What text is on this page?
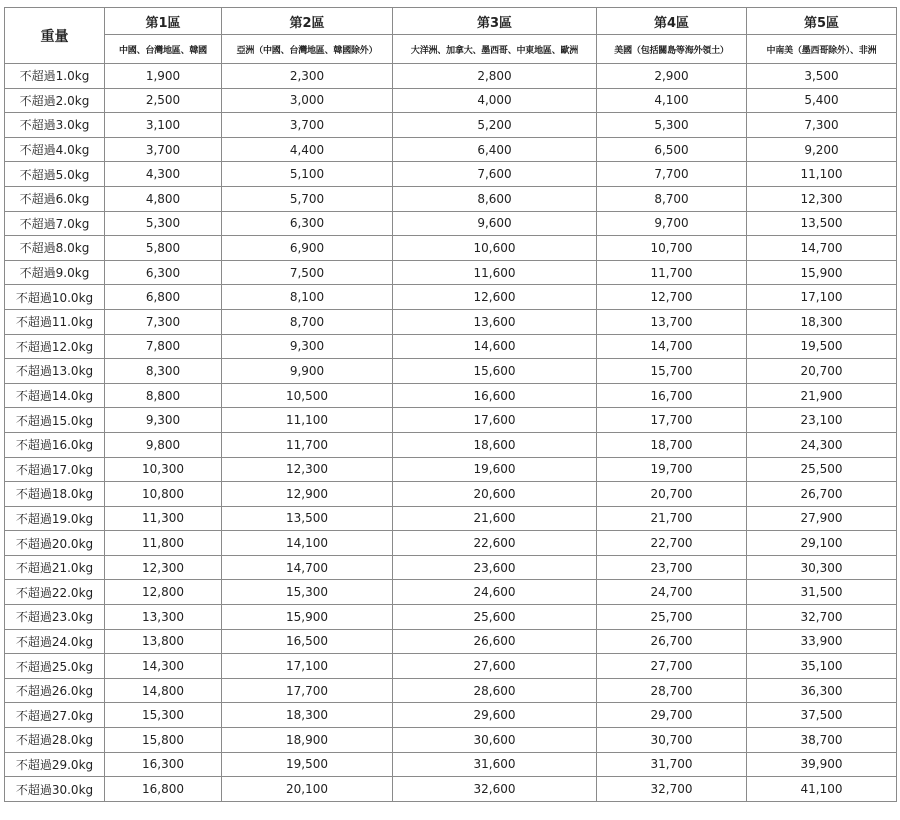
重量	第1區	第2區	第3區	第4區	第5區
	中國、台灣地區、韓國	亞洲（中國、台灣地區、韓國除外）	大洋洲、加拿大、墨西哥、中東地區、歐洲	美國（包括關島等海外領土）	中南美（墨西哥除外）、非洲
不超過1.0kg	1,900	2,300	2,800	2,900	3,500
不超過2.0kg	2,500	3,000	4,000	4,100	5,400
不超過3.0kg	3,100	3,700	5,200	5,300	7,300
不超過4.0kg	3,700	4,400	6,400	6,500	9,200
不超過5.0kg	4,300	5,100	7,600	7,700	11,100
不超過6.0kg	4,800	5,700	8,600	8,700	12,300
不超過7.0kg	5,300	6,300	9,600	9,700	13,500
不超過8.0kg	5,800	6,900	10,600	10,700	14,700
不超過9.0kg	6,300	7,500	11,600	11,700	15,900
不超過10.0kg	6,800	8,100	12,600	12,700	17,100
不超過11.0kg	7,300	8,700	13,600	13,700	18,300
不超過12.0kg	7,800	9,300	14,600	14,700	19,500
不超過13.0kg	8,300	9,900	15,600	15,700	20,700
不超過14.0kg	8,800	10,500	16,600	16,700	21,900
不超過15.0kg	9,300	11,100	17,600	17,700	23,100
不超過16.0kg	9,800	11,700	18,600	18,700	24,300
不超過17.0kg	10,300	12,300	19,600	19,700	25,500
不超過18.0kg	10,800	12,900	20,600	20,700	26,700
不超過19.0kg	11,300	13,500	21,600	21,700	27,900
不超過20.0kg	11,800	14,100	22,600	22,700	29,100
不超過21.0kg	12,300	14,700	23,600	23,700	30,300
不超過22.0kg	12,800	15,300	24,600	24,700	31,500
不超過23.0kg	13,300	15,900	25,600	25,700	32,700
不超過24.0kg	13,800	16,500	26,600	26,700	33,900
不超過25.0kg	14,300	17,100	27,600	27,700	35,100
不超過26.0kg	14,800	17,700	28,600	28,700	36,300
不超過27.0kg	15,300	18,300	29,600	29,700	37,500
不超過28.0kg	15,800	18,900	30,600	30,700	38,700
不超過29.0kg	16,300	19,500	31,600	31,700	39,900
不超過30.0kg	16,800	20,100	32,600	32,700	41,100
